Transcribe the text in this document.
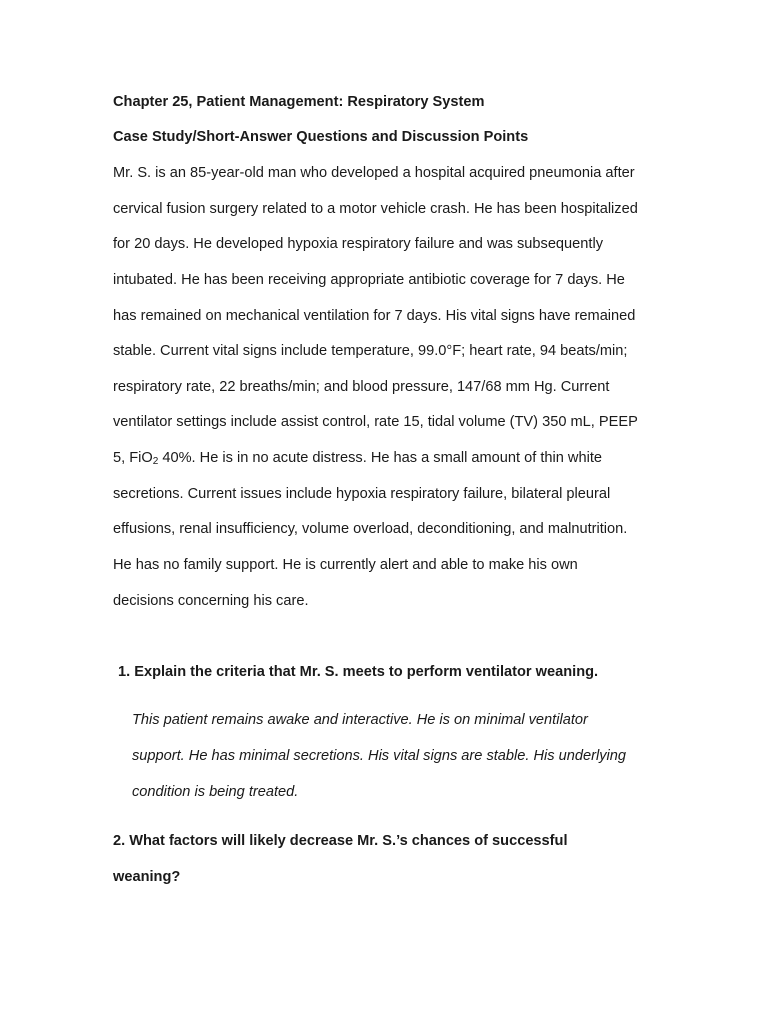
Chapter 25, Patient Management: Respiratory System
Case Study/Short-Answer Questions and Discussion Points
Mr. S. is an 85-year-old man who developed a hospital acquired pneumonia after
cervical fusion surgery related to a motor vehicle crash. He has been hospitalized
for 20 days. He developed hypoxia respiratory failure and was subsequently
intubated. He has been receiving appropriate antibiotic coverage for 7 days. He
has remained on mechanical ventilation for 7 days. His vital signs have remained
stable. Current vital signs include temperature, 99.0°F; heart rate, 94 beats/min;
respiratory rate, 22 breaths/min; and blood pressure, 147/68 mm Hg. Current
ventilator settings include assist control, rate 15, tidal volume (TV) 350 mL, PEEP
5, FiO$_2$ 40%. He is in no acute distress. He has a small amount of thin white
secretions. Current issues include hypoxia respiratory failure, bilateral pleural
effusions, renal insufficiency, volume overload, deconditioning, and malnutrition.
He has no family support. He is currently alert and able to make his own
decisions concerning his care.
1. Explain the criteria that Mr. S. meets to perform ventilator weaning.
This patient remains awake and interactive. He is on minimal ventilator
support. He has minimal secretions. His vital signs are stable. His underlying
condition is being treated.
2. What factors will likely decrease Mr. S.’s chances of successful
weaning?
